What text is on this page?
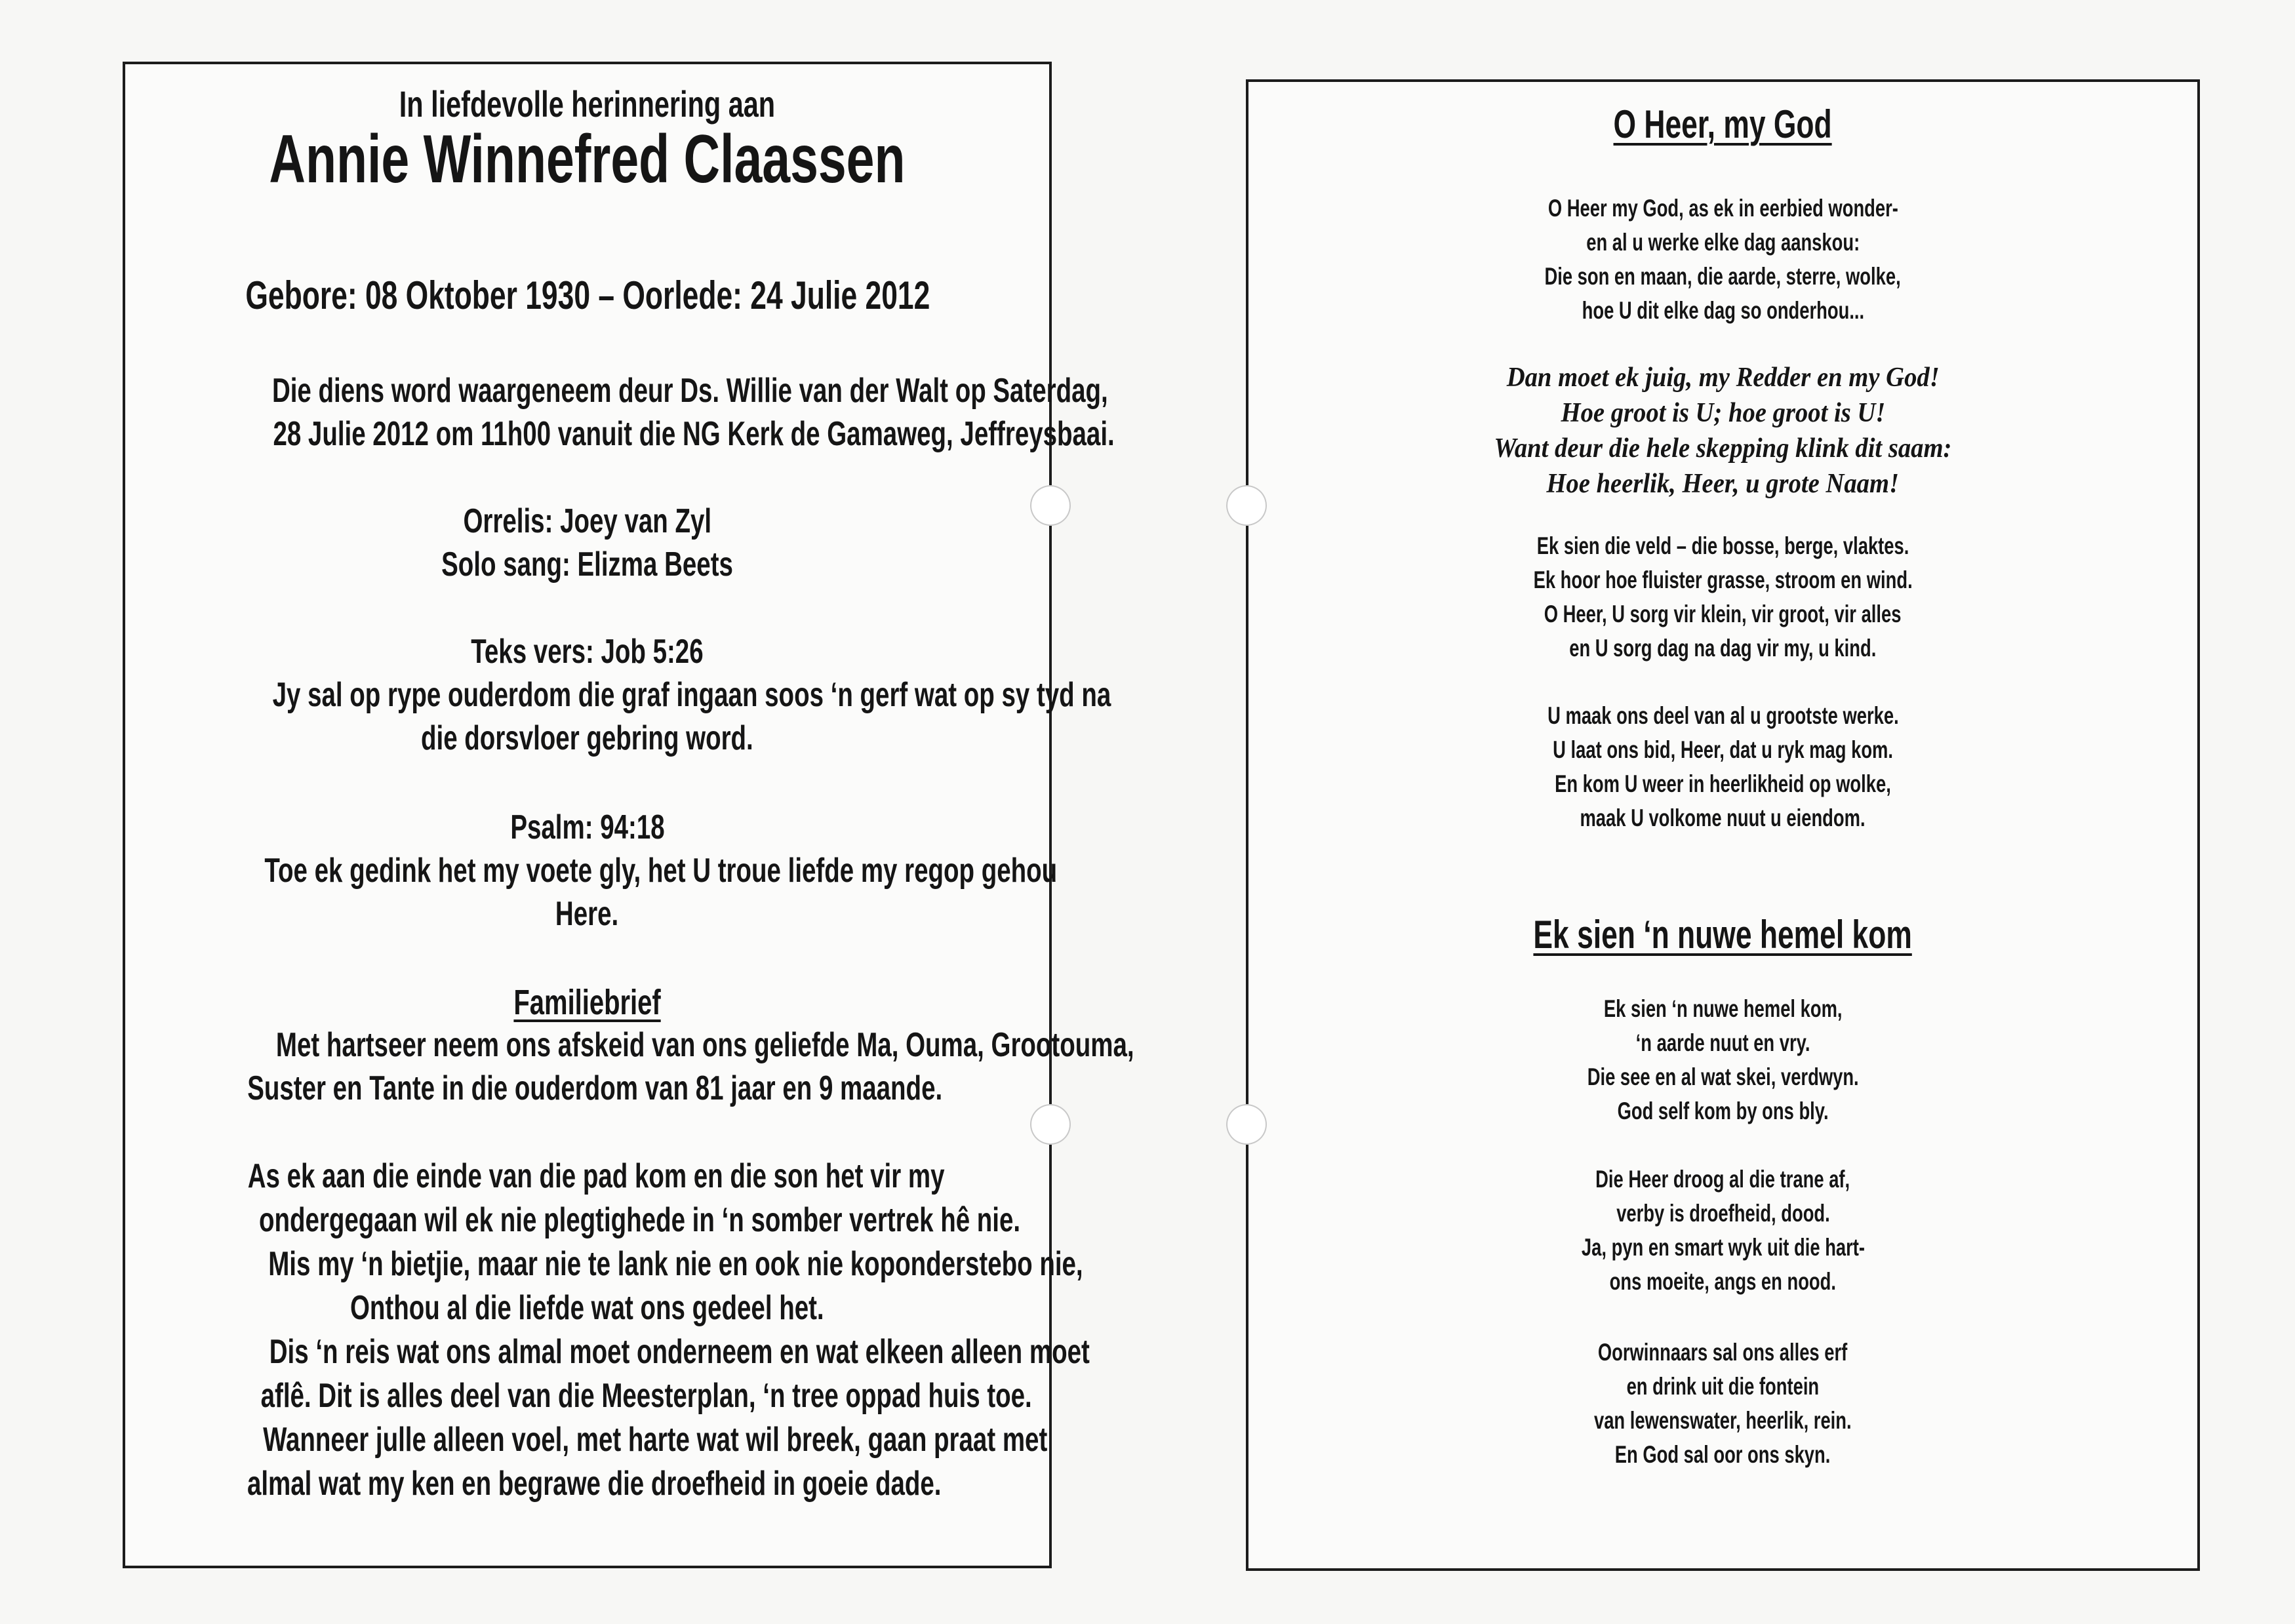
In liefdevolle herinnering aan
Annie Winnefred Claassen
Gebore: 08 Oktober 1930 – Oorlede: 24 Julie 2012
Die diens word waargeneem deur Ds. Willie van der Walt op Saterdag,
28 Julie 2012 om 11h00 vanuit die NG Kerk de Gamaweg, Jeffreysbaai.
Orrelis: Joey van Zyl
Solo sang: Elizma Beets
Teks vers: Job 5:26
Jy sal op rype ouderdom die graf ingaan soos ‘n gerf wat op sy tyd na
die dorsvloer gebring word.
Psalm: 94:18
Toe ek gedink het my voete gly, het U troue liefde my regop gehou
Here.
Familiebrief
Met hartseer neem ons afskeid van ons geliefde Ma, Ouma, Grootouma,
Suster en Tante in die ouderdom van 81 jaar en 9 maande.
As ek aan die einde van die pad kom en die son het vir my
ondergegaan wil ek nie plegtighede in ‘n somber vertrek hê nie.
Mis my ‘n bietjie, maar nie te lank nie en ook nie koponderstebo nie,
Onthou al die liefde wat ons gedeel het.
Dis ‘n reis wat ons almal moet onderneem en wat elkeen alleen moet
aflê. Dit is alles deel van die Meesterplan, ‘n tree oppad huis toe.
Wanneer julle alleen voel, met harte wat wil breek, gaan praat met
almal wat my ken en begrawe die droefheid in goeie dade.
O Heer, my God
O Heer my God, as ek in eerbied wonder-
en al u werke elke dag aanskou:
Die son en maan, die aarde, sterre, wolke,
hoe U dit elke dag so onderhou...
Dan moet ek juig, my Redder en my God!
Hoe groot is U; hoe groot is U!
Want deur die hele skepping klink dit saam:
Hoe heerlik, Heer, u grote Naam!
Ek sien die veld – die bosse, berge, vlaktes.
Ek hoor hoe fluister grasse, stroom en wind.
O Heer, U sorg vir klein, vir groot, vir alles
en U sorg dag na dag vir my, u kind.
U maak ons deel van al u grootste werke.
U laat ons bid, Heer, dat u ryk mag kom.
En kom U weer in heerlikheid op wolke,
maak U volkome nuut u eiendom.
Ek sien ‘n nuwe hemel kom
Ek sien ‘n nuwe hemel kom,
‘n aarde nuut en vry.
Die see en al wat skei, verdwyn.
God self kom by ons bly.
Die Heer droog al die trane af,
verby is droefheid, dood.
Ja, pyn en smart wyk uit die hart-
ons moeite, angs en nood.
Oorwinnaars sal ons alles erf
en drink uit die fontein
van lewenswater, heerlik, rein.
En God sal oor ons skyn.
